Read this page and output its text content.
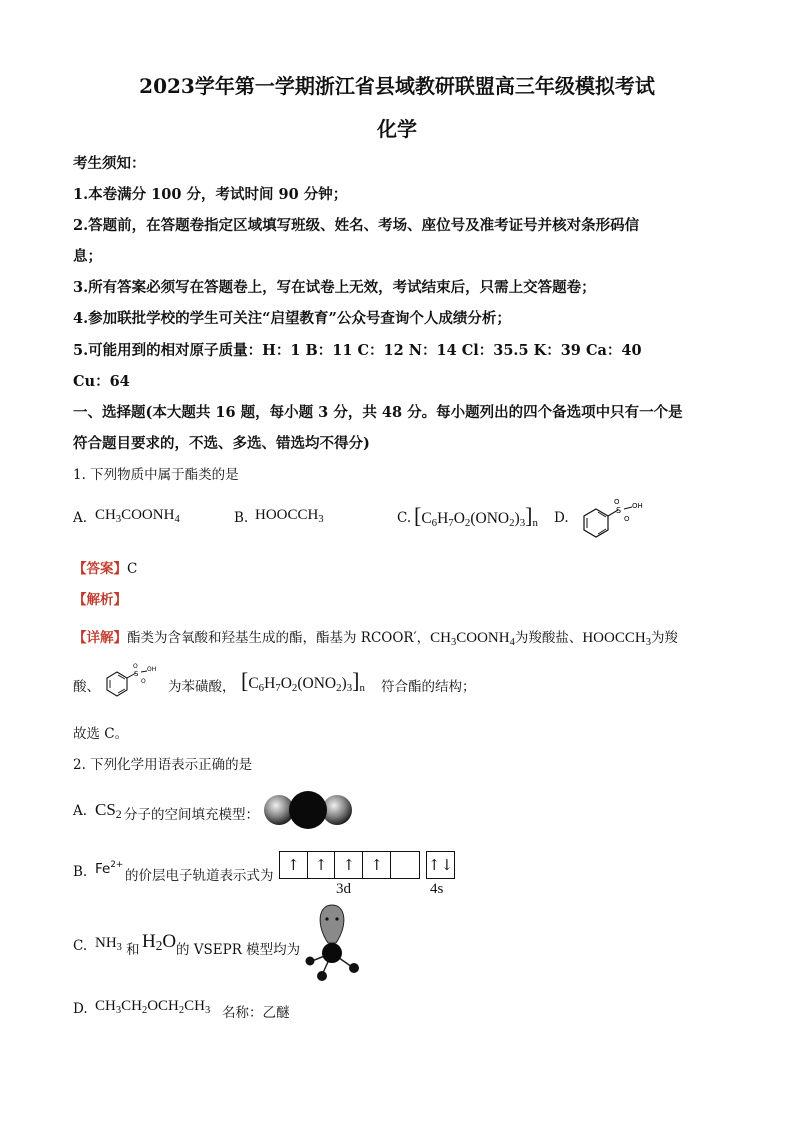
2023学年第一学期浙江省县域教研联盟高三年级模拟考试
化学
考生须知：
1.本卷满分 100 分，考试时间 90 分钟；
2.答题前，在答题卷指定区域填写班级、姓名、考场、座位号及准考证号并核对条形码信
息；
3.所有答案必须写在答题卷上，写在试卷上无效，考试结束后，只需上交答题卷；
4.参加联批学校的学生可关注“启望教育”公众号查询个人成绩分析；
5.可能用到的相对原子质量：H：1 B：11 C：12 N：14 Cl：35.5 K：39 Ca：40
Cu：64
一、选择题(本大题共 16 题，每小题 3 分，共 48 分。每小题列出的四个备选项中只有一个是
符合题目要求的，不选、多选、错选均不得分)
1. 下列物质中属于酯类的是
A. $CH_3COONH_4$	B. $HOOCCH_3$	C. $[C_6H_7O_2(ONO_2)_3]_n$ D.	S
O
O
OH
【答案】C
【解析】
【详解】酯类为含氧酸和羟基生成的酯，酯基为 RCOOR′，$CH_3COONH_4$为羧酸盐、$HOOCCH_3$为羧
酸、
S
O
O
OH
为苯磺酸， $[C_6H_7O_2(ONO_2)_3]_n$ 符合酯的结构；
故选 C。
2. 下列化学用语表示正确的是
A. $CS_2$ 分子的空间填充模型：
B. $Fe^{2+}$
的价层电子轨道表示式为
↑	↑	↑	↑	↑↓
3d	4s
C. $NH_3$ 和 $H_2O$ 的 VSEPR 模型均为
D. $CH_3CH_2OCH_2CH_3$ 名称：乙醚
